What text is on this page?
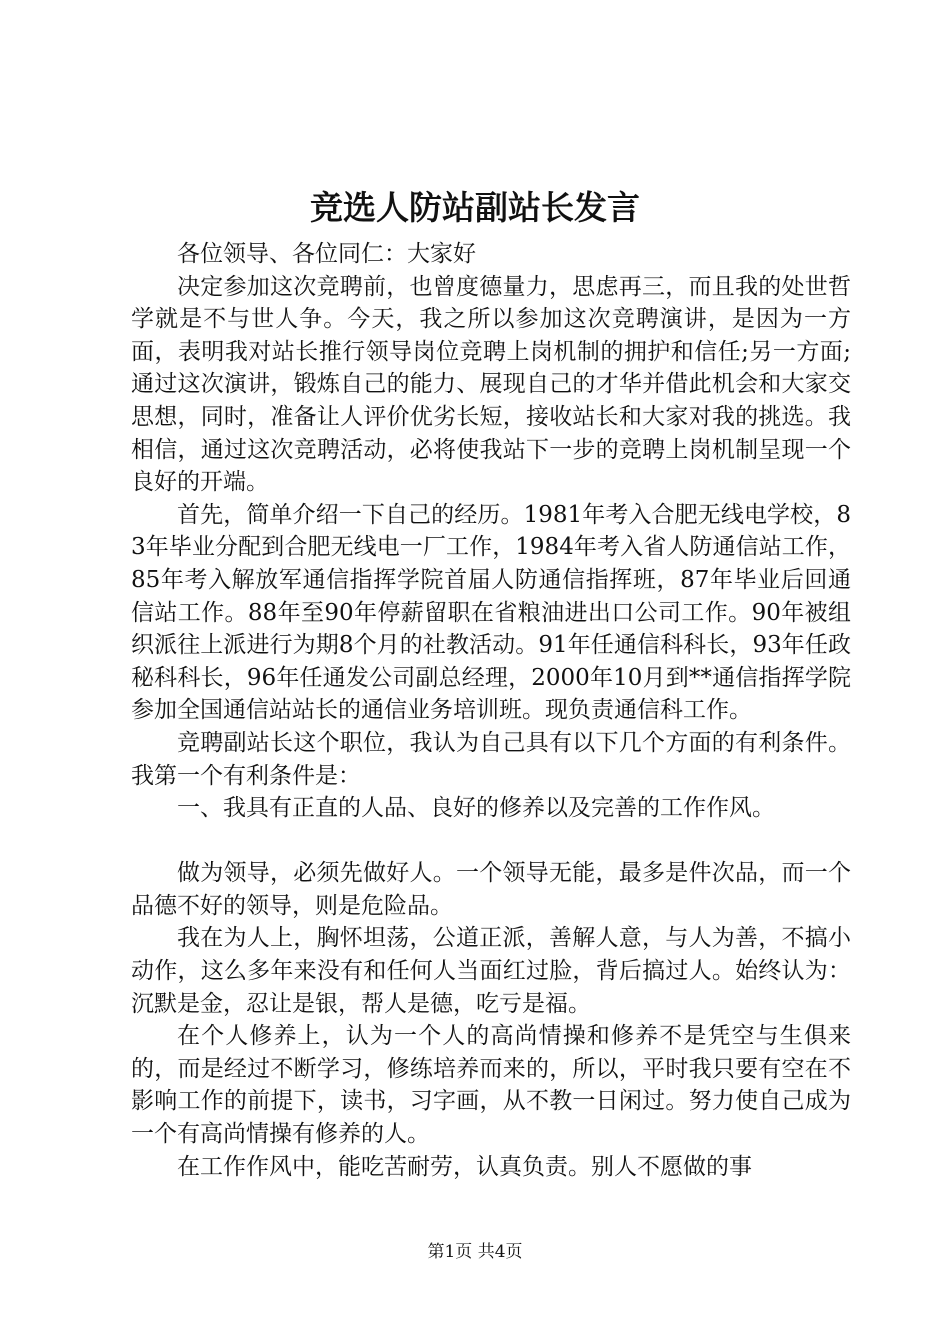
竞选人防站副站长发言

各位领导、各位同仁：大家好

决定参加这次竞聘前，也曾度德量力，思虑再三，而且我的处世哲学就是不与世人争。今天，我之所以参加这次竞聘演讲，是因为一方面，表明我对站长推行领导岗位竞聘上岗机制的拥护和信任;另一方面;通过这次演讲，锻炼自己的能力、展现自己的才华并借此机会和大家交思想，同时，准备让人评价优劣长短，接收站长和大家对我的挑选。我相信，通过这次竞聘活动，必将使我站下一步的竞聘上岗机制呈现一个良好的开端。

首先，简单介绍一下自己的经历。1981年考入合肥无线电学校，83年毕业分配到合肥无线电一厂工作，1984年考入省人防通信站工作，85年考入解放军通信指挥学院首届人防通信指挥班，87年毕业后回通信站工作。88年至90年停薪留职在省粮油进出口公司工作。90年被组织派往上派进行为期8个月的社教活动。91年任通信科科长，93年任政秘科科长，96年任通发公司副总经理，2000年10月到**通信指挥学院参加全国通信站站长的通信业务培训班。现负责通信科工作。

竞聘副站长这个职位，我认为自己具有以下几个方面的有利条件。我第一个有利条件是：

一、我具有正直的人品、良好的修养以及完善的工作作风。

做为领导，必须先做好人。一个领导无能，最多是件次品，而一个品德不好的领导，则是危险品。

我在为人上，胸怀坦荡，公道正派，善解人意，与人为善，不搞小动作，这么多年来没有和任何人当面红过脸，背后搞过人。始终认为：沉默是金，忍让是银，帮人是德，吃亏是福。

在个人修养上，认为一个人的高尚情操和修养不是凭空与生俱来的，而是经过不断学习，修练培养而来的，所以，平时我只要有空在不影响工作的前提下，读书，习字画，从不教一日闲过。努力使自己成为一个有高尚情操有修养的人。

在工作作风中，能吃苦耐劳，认真负责。别人不愿做的事

第1页 共4页
